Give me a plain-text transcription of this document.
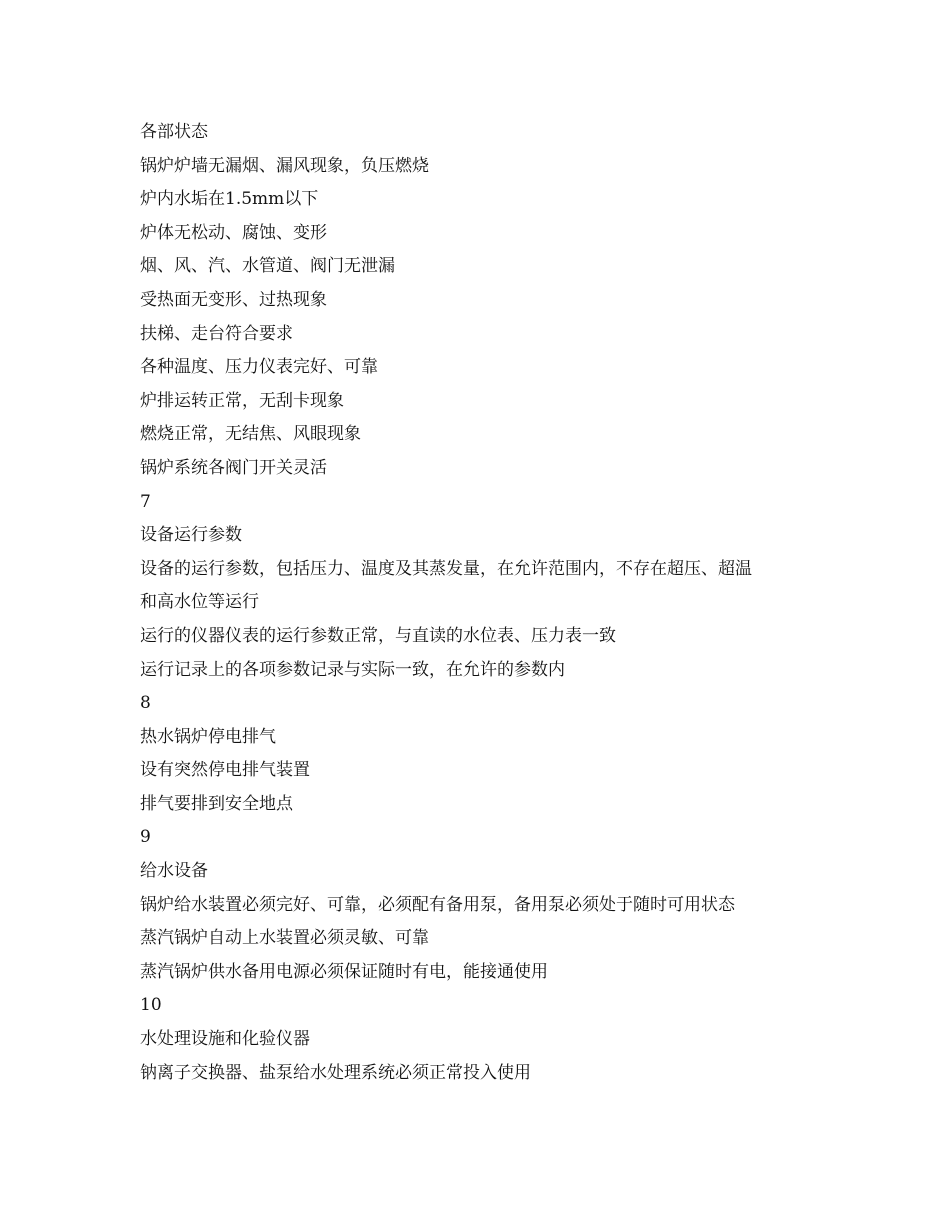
各部状态

锅炉炉墙无漏烟、漏风现象，负压燃烧

炉内水垢在1.5mm以下

炉体无松动、腐蚀、变形

烟、风、汽、水管道、阀门无泄漏

受热面无变形、过热现象

扶梯、走台符合要求

各种温度、压力仪表完好、可靠

炉排运转正常，无刮卡现象

燃烧正常，无结焦、风眼现象

锅炉系统各阀门开关灵活

7

设备运行参数

设备的运行参数，包括压力、温度及其蒸发量，在允许范围内，不存在超压、超温

和高水位等运行

运行的仪器仪表的运行参数正常，与直读的水位表、压力表一致

运行记录上的各项参数记录与实际一致，在允许的参数内

8

热水锅炉停电排气

设有突然停电排气装置

排气要排到安全地点

9

给水设备

锅炉给水装置必须完好、可靠，必须配有备用泵，备用泵必须处于随时可用状态

蒸汽锅炉自动上水装置必须灵敏、可靠

蒸汽锅炉供水备用电源必须保证随时有电，能接通使用

10

水处理设施和化验仪器

钠离子交换器、盐泵给水处理系统必须正常投入使用
